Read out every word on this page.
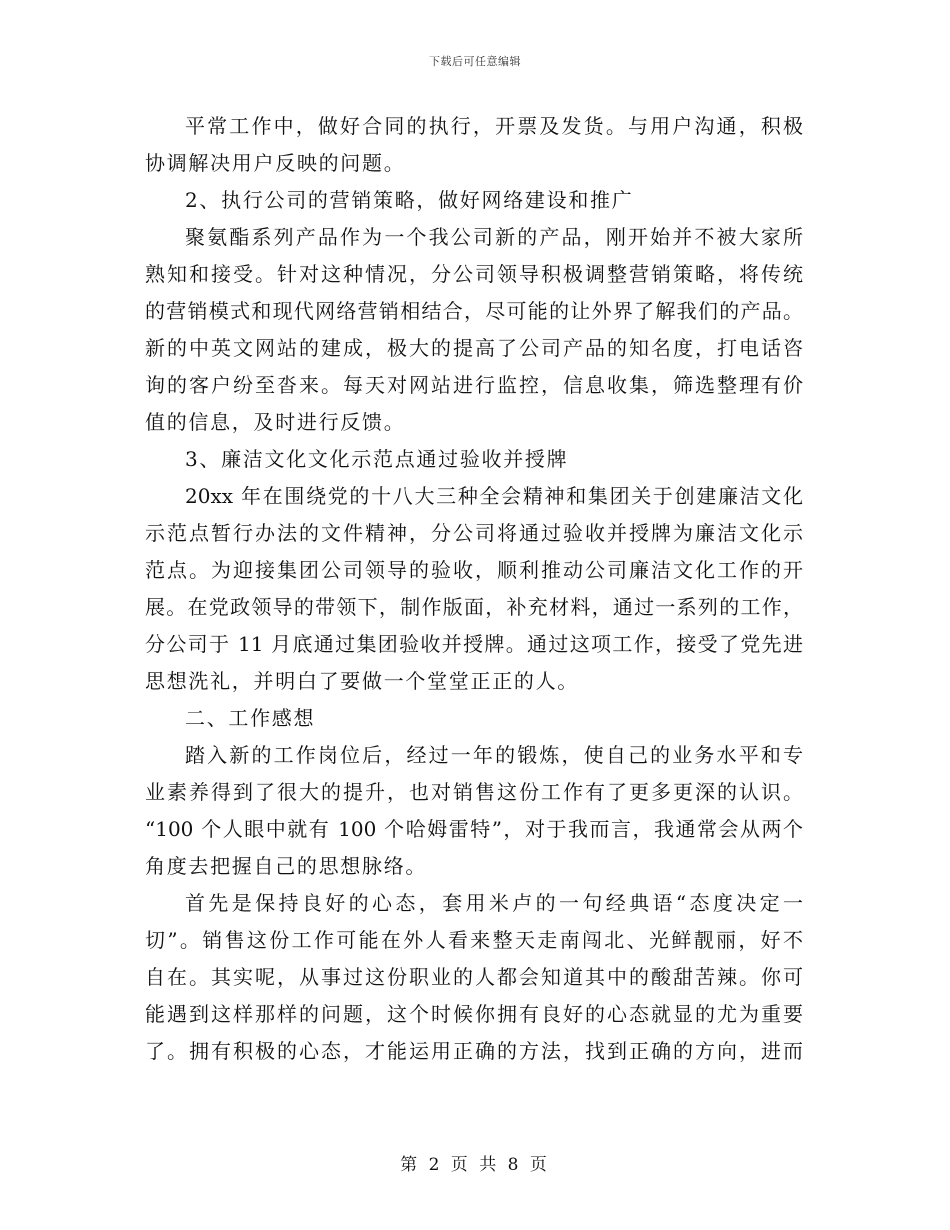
下载后可任意编辑
平常工作中，做好合同的执行，开票及发货。与用户沟通，积极
协调解决用户反映的问题。
2、执行公司的营销策略，做好网络建设和推广
聚氨酯系列产品作为一个我公司新的产品，刚开始并不被大家所
熟知和接受。针对这种情况，分公司领导积极调整营销策略，将传统
的营销模式和现代网络营销相结合，尽可能的让外界了解我们的产品。
新的中英文网站的建成，极大的提高了公司产品的知名度，打电话咨
询的客户纷至沓来。每天对网站进行监控，信息收集，筛选整理有价
值的信息，及时进行反馈。
3、廉洁文化文化示范点通过验收并授牌
20xx 年在围绕党的十八大三种全会精神和集团关于创建廉洁文化
示范点暂行办法的文件精神，分公司将通过验收并授牌为廉洁文化示
范点。为迎接集团公司领导的验收，顺利推动公司廉洁文化工作的开
展。在党政领导的带领下，制作版面，补充材料，通过一系列的工作，
分公司于 11 月底通过集团验收并授牌。通过这项工作，接受了党先进
思想洗礼，并明白了要做一个堂堂正正的人。
二、工作感想
踏入新的工作岗位后，经过一年的锻炼，使自己的业务水平和专
业素养得到了很大的提升，也对销售这份工作有了更多更深的认识。
“100 个人眼中就有 100 个哈姆雷特”，对于我而言，我通常会从两个
角度去把握自己的思想脉络。
首先是保持良好的心态，套用米卢的一句经典语“态度决定一
切”。销售这份工作可能在外人看来整天走南闯北、光鲜靓丽，好不
自在。其实呢，从事过这份职业的人都会知道其中的酸甜苦辣。你可
能遇到这样那样的问题，这个时候你拥有良好的心态就显的尤为重要
了。拥有积极的心态，才能运用正确的方法，找到正确的方向，进而
第 2 页 共 8 页
